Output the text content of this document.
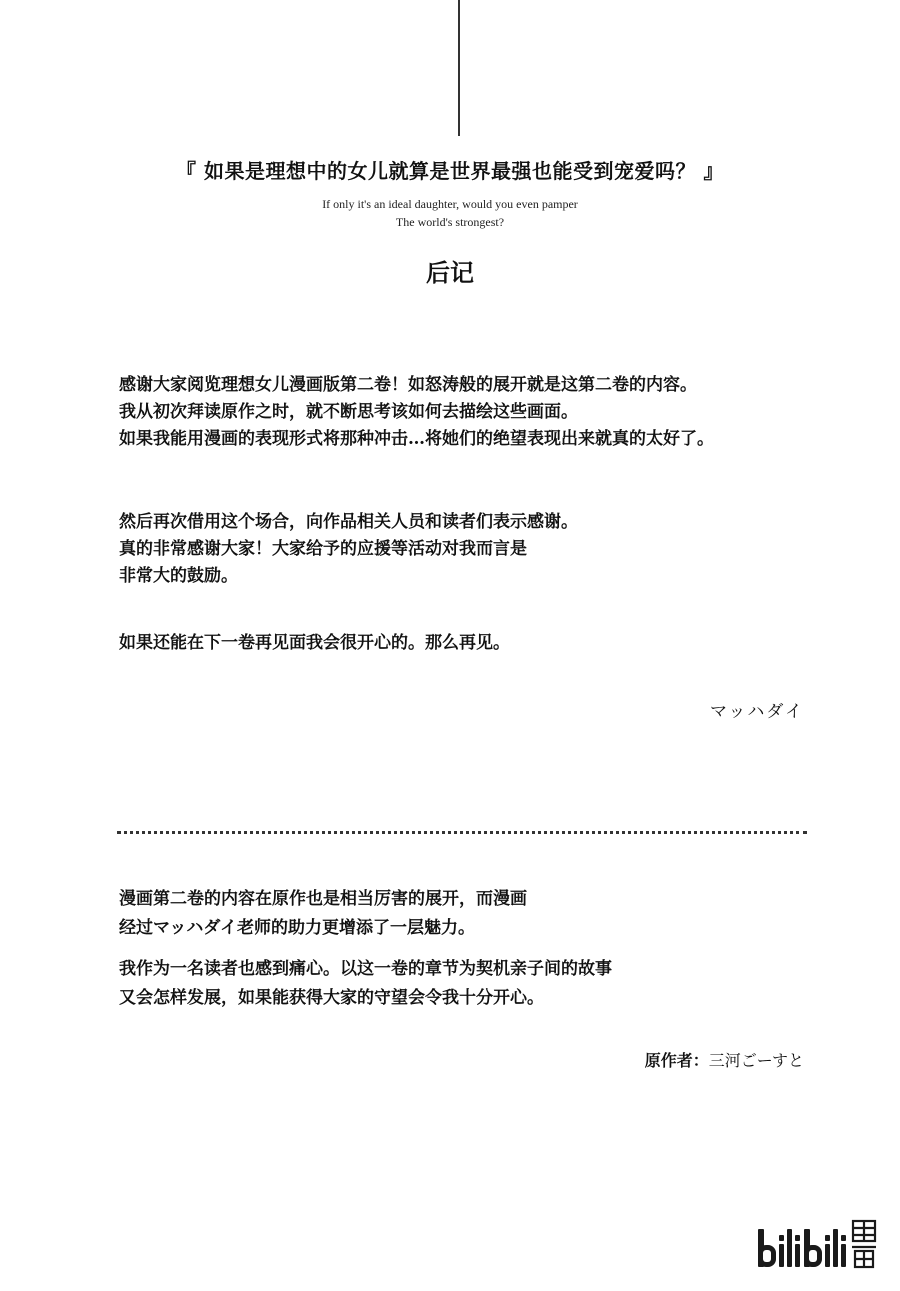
『 如果是理想中的女儿就算是世界最强也能受到宠爱吗？ 』
If only it's an ideal daughter, would you even pamper
The world's strongest?
后记
感谢大家阅览理想女儿漫画版第二卷！如怒涛般的展开就是这第二卷的内容。
我从初次拜读原作之时，就不断思考该如何去描绘这些画面。
如果我能用漫画的表现形式将那种冲击…将她们的绝望表现出来就真的太好了。
然后再次借用这个场合，向作品相关人员和读者们表示感谢。
真的非常感谢大家！大家给予的应援等活动对我而言是
非常大的鼓励。
如果还能在下一卷再见面我会很开心的。那么再见。
マッハダイ
漫画第二卷的内容在原作也是相当厉害的展开，而漫画
经过マッハダイ老师的助力更增添了一层魅力。
我作为一名读者也感到痛心。以这一卷的章节为契机亲子间的故事
又会怎样发展，如果能获得大家的守望会令我十分开心。
原作者：三河ごーすと
